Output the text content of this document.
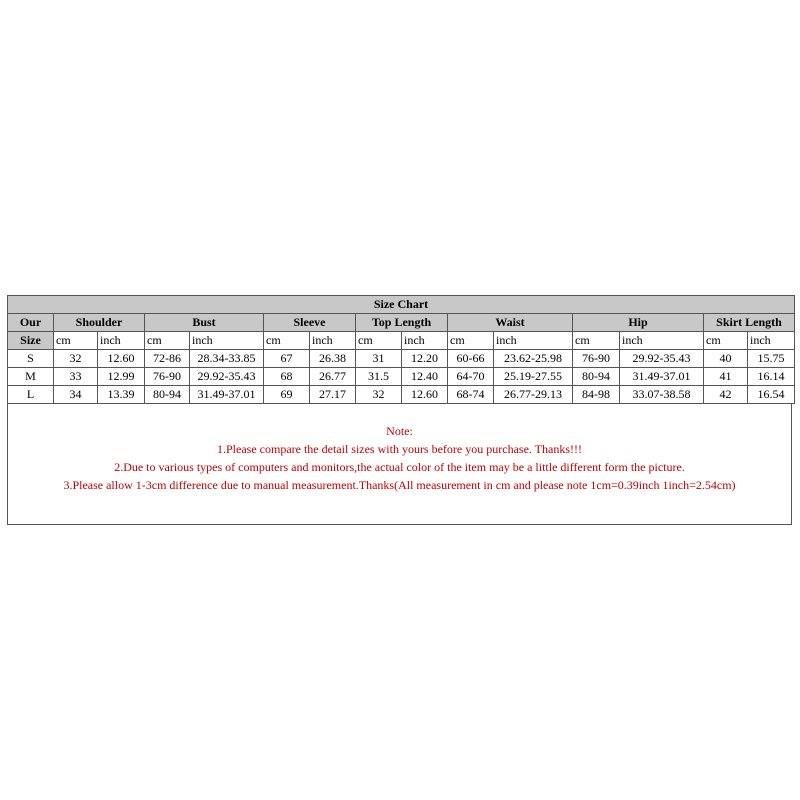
Size Chart														
Our	Shoulder		Bust		Sleeve		Top Length		Waist		Hip		Skirt Length	
Size	cm	inch	cm	inch	cm	inch	cm	inch	cm	inch	cm	inch	cm	inch
S	32	12.60	72-86	28.34-33.85	67	26.38	31	12.20	60-66	23.62-25.98	76-90	29.92-35.43	40	15.75
M	33	12.99	76-90	29.92-35.43	68	26.77	31.5	12.40	64-70	25.19-27.55	80-94	31.49-37.01	41	16.14
L	34	13.39	80-94	31.49-37.01	69	27.17	32	12.60	68-74	26.77-29.13	84-98	33.07-38.58	42	16.54
Note:
1.Please compare the detail sizes with yours before you purchase. Thanks!!!
2.Due to various types of computers and monitors,the actual color of the item may be a little different form the picture.
3.Please allow 1-3cm difference due to manual measurement.Thanks(All measurement in cm and please note 1cm=0.39inch 1inch=2.54cm)
